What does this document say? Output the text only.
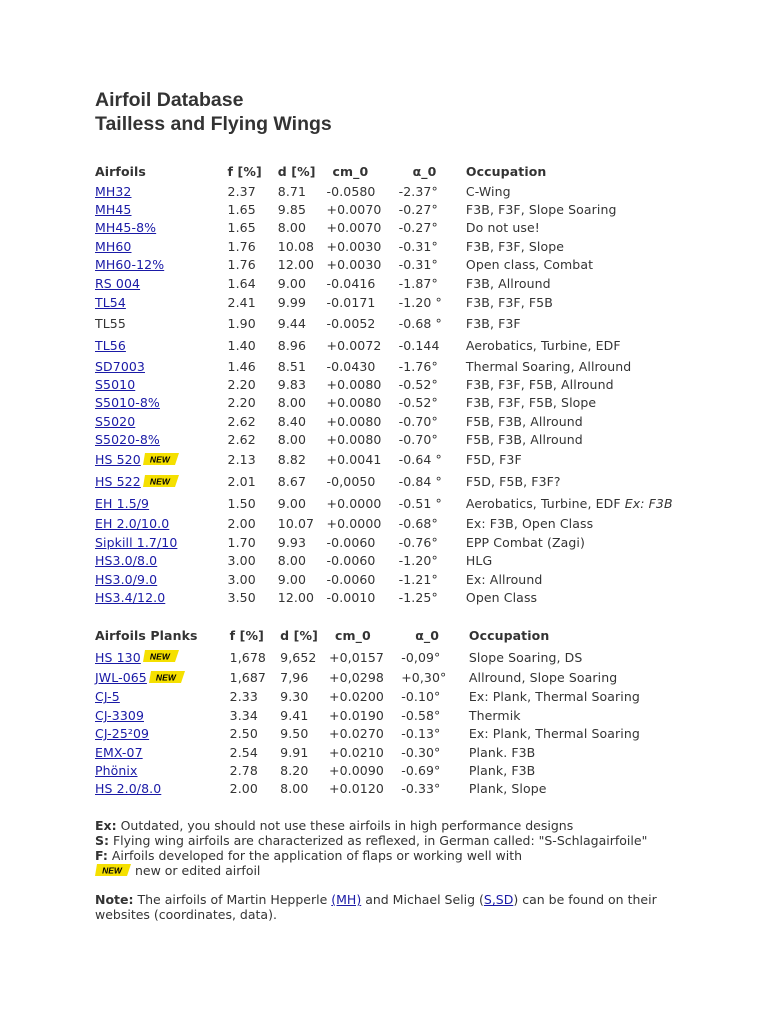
Airfoil Database
Tailless and Flying Wings
Airfoils	f [%]	d [%]	cm_0	α_0	Occupation
MH32	2.37	8.71	-0.0580	-2.37°	C-Wing
MH45	1.65	9.85	+0.0070	-0.27°	F3B, F3F, Slope Soaring
MH45-8%	1.65	8.00	+0.0070	-0.27°	Do not use!
MH60	1.76	10.08	+0.0030	-0.31°	F3B, F3F, Slope
MH60-12%	1.76	12.00	+0.0030	-0.31°	Open class, Combat
RS 004	1.64	9.00	-0.0416	-1.87°	F3B, Allround
TL54	2.41	9.99	-0.0171	-1.20 °	F3B, F3F, F5B
TL55	1.90	9.44	-0.0052	-0.68 °	F3B, F3F
TL56	1.40	8.96	+0.0072	-0.144	Aerobatics, Turbine, EDF
SD7003	1.46	8.51	-0.0430	-1.76°	Thermal Soaring, Allround
S5010	2.20	9.83	+0.0080	-0.52°	F3B, F3F, F5B, Allround
S5010-8%	2.20	8.00	+0.0080	-0.52°	F3B, F3F, F5B, Slope
S5020	2.62	8.40	+0.0080	-0.70°	F5B, F3B, Allround
S5020-8%	2.62	8.00	+0.0080	-0.70°	F5B, F3B, Allround
HS 520 NEW	2.13	8.82	+0.0041	-0.64 °	F5D, F3F
HS 522 NEW	2.01	8.67	-0,0050	-0.84 °	F5D, F5B, F3F?
EH 1.5/9	1.50	9.00	+0.0000	-0.51 °	Aerobatics, Turbine, EDF Ex: F3B
EH 2.0/10.0	2.00	10.07	+0.0000	-0.68°	Ex: F3B, Open Class
Sipkill 1.7/10	1.70	9.93	-0.0060	-0.76°	EPP Combat (Zagi)
HS3.0/8.0	3.00	8.00	-0.0060	-1.20°	HLG
HS3.0/9.0	3.00	9.00	-0.0060	-1.21°	Ex: Allround
HS3.4/12.0	3.50	12.00	-0.0010	-1.25°	Open Class
Airfoils Planks	f [%]	d [%]	cm_0	α_0	Occupation
HS 130 NEW	1,678	9,652	+0,0157	-0,09°	Slope Soaring, DS
JWL-065 NEW	1,687	7,96	+0,0298	+0,30°	Allround, Slope Soaring
CJ-5	2.33	9.30	+0.0200	-0.10°	Ex: Plank, Thermal Soaring
CJ-3309	3.34	9.41	+0.0190	-0.58°	Thermik
CJ-25²09	2.50	9.50	+0.0270	-0.13°	Ex: Plank, Thermal Soaring
EMX-07	2.54	9.91	+0.0210	-0.30°	Plank. F3B
Phönix	2.78	8.20	+0.0090	-0.69°	Plank, F3B
HS 2.0/8.0	2.00	8.00	+0.0120	-0.33°	Plank, Slope
Ex: Outdated, you should not use these airfoils in high performance designs
S: Flying wing airfoils are characterized as reflexed, in German called: "S-Schlagairfoile"
F: Airfoils developed for the application of flaps or working well with
NEW new or edited airfoil
Note: The airfoils of Martin Hepperle (MH) and Michael Selig (S,SD) can be found on their websites (coordinates, data).
